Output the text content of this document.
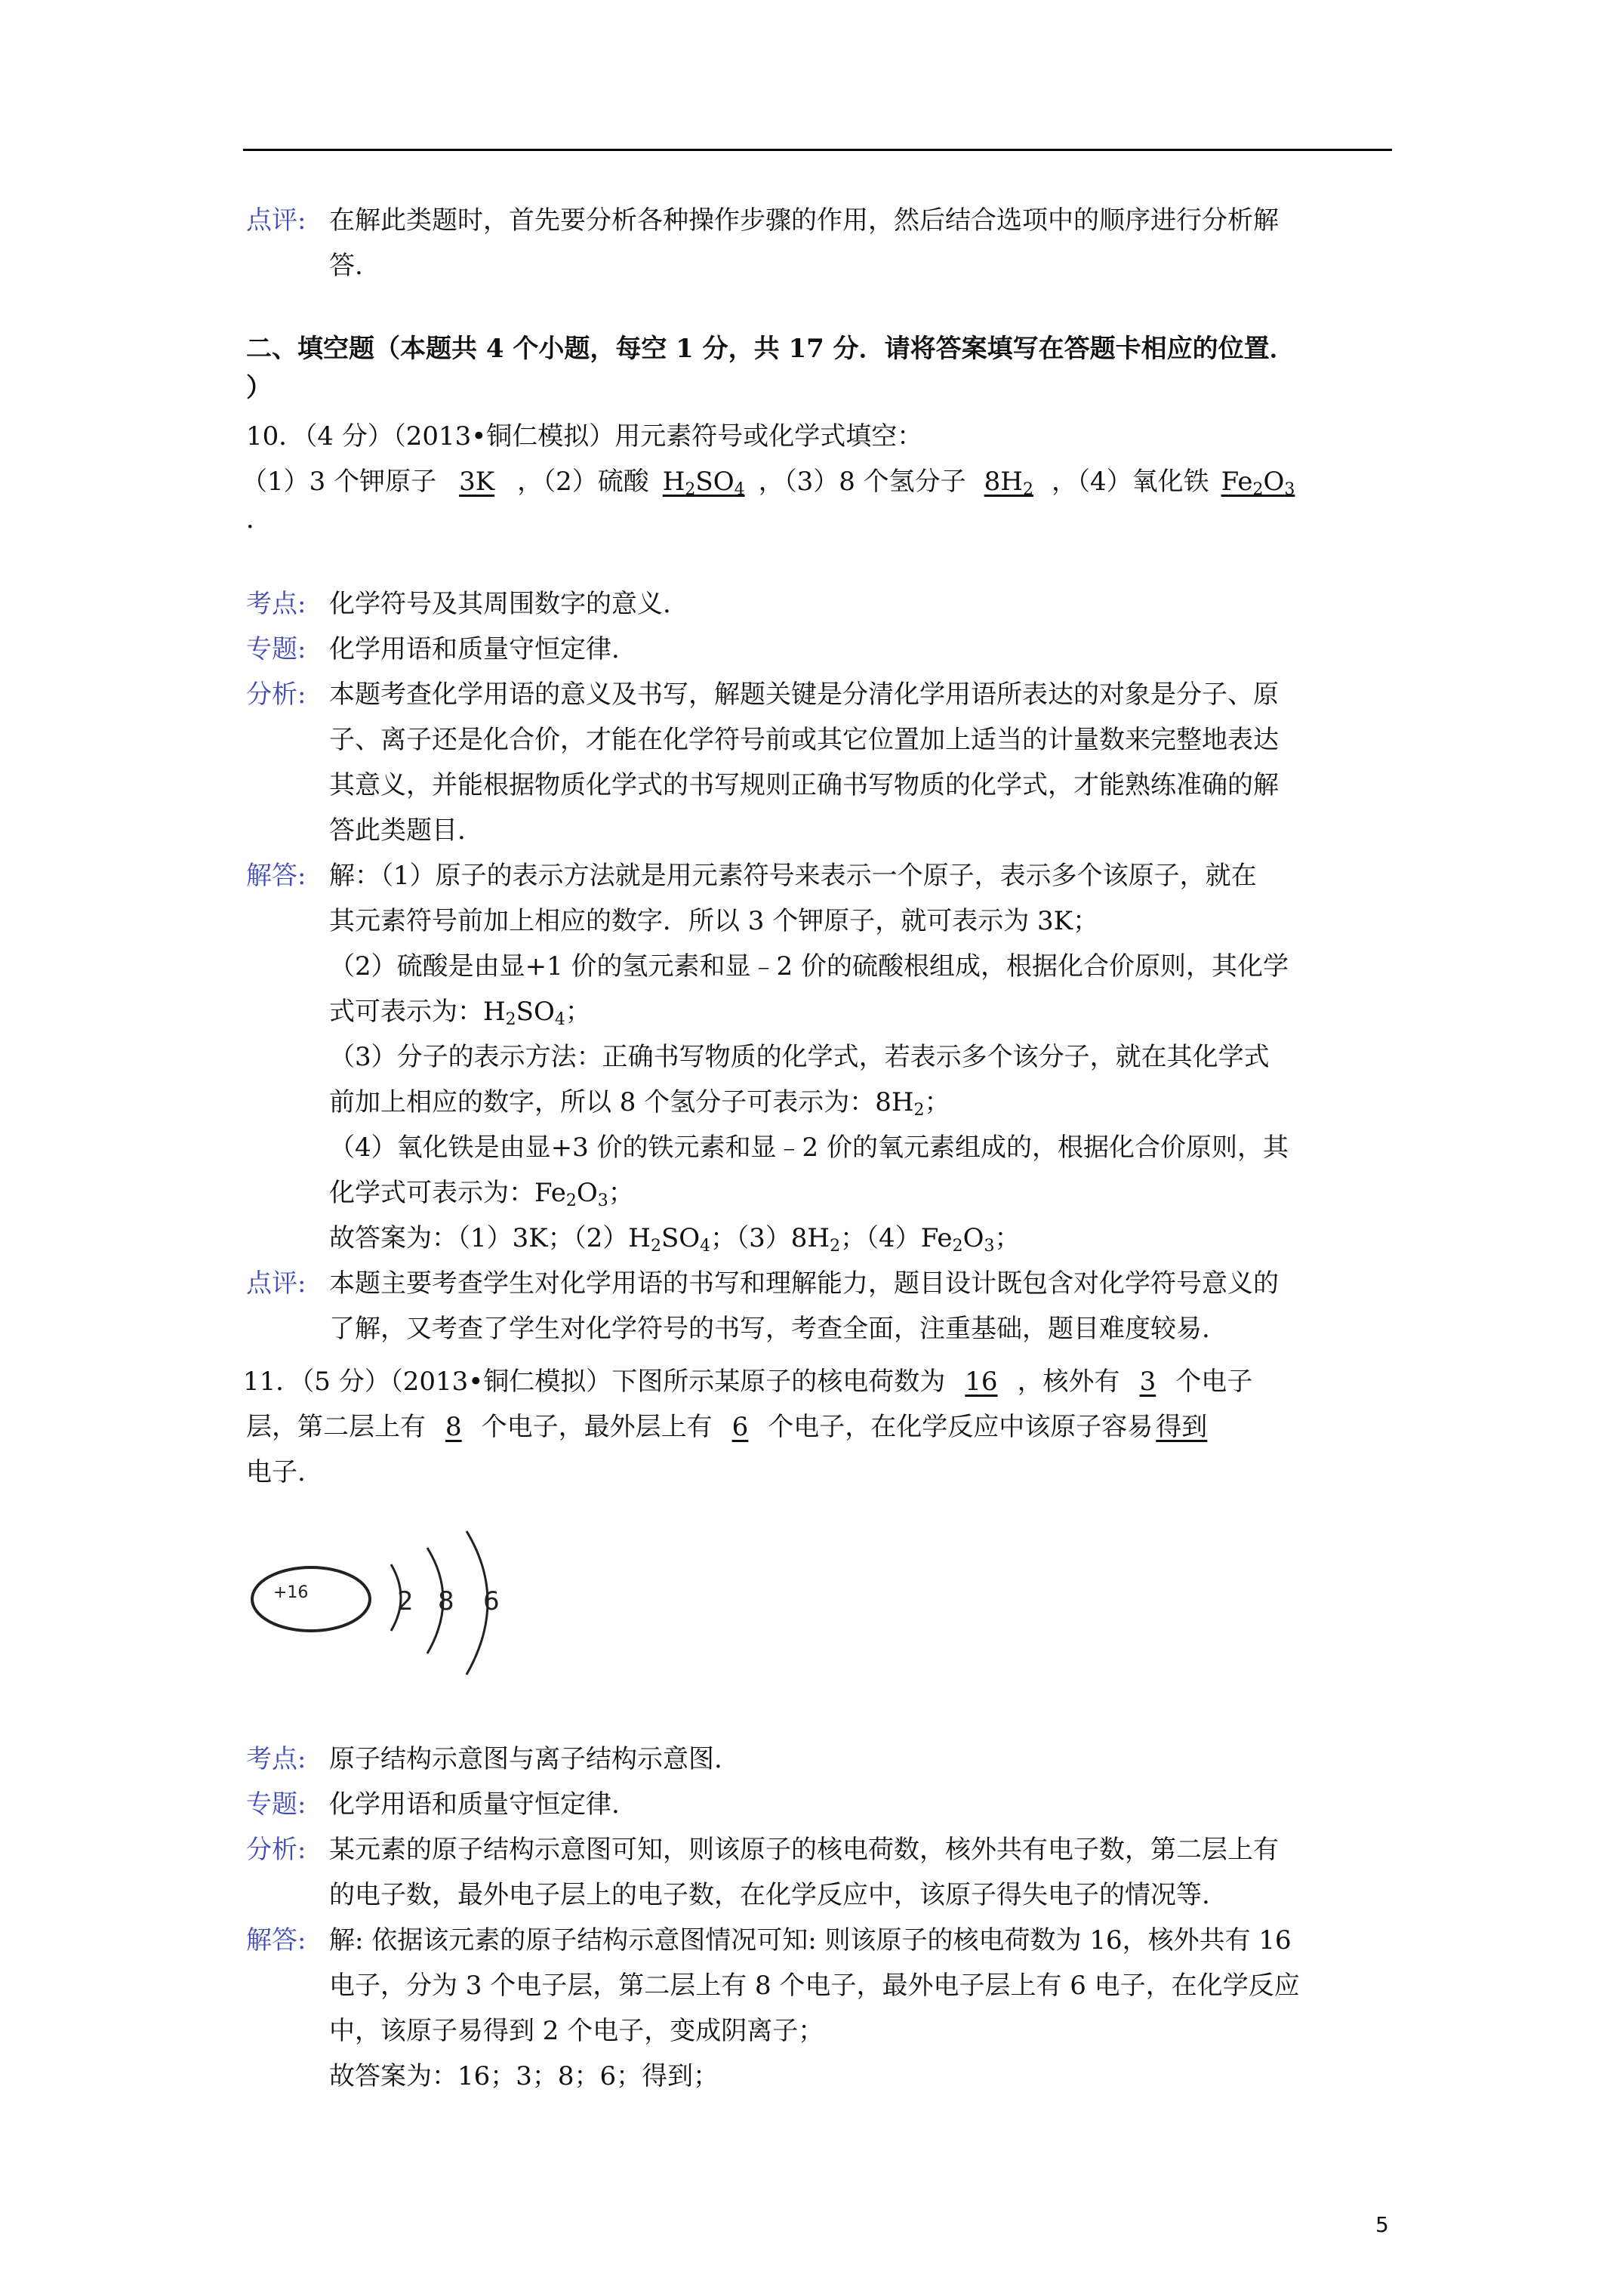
点评: 在解此类题时，首先要分析各种操作步骤的作用，然后结合选项中的顺序进行分析解

答.

二、填空题（本题共 4 个小题，每空 1 分，共 17 分．请将答案填写在答题卡相应的位置．

）

10．（4 分）（2013•铜仁模拟）用元素符号或化学式填空：

（1）3 个钾原子 3K ，（2）硫酸 $H_2SO_4$ ，（3）8 个氢分子 $8H_2$ ，（4）氧化铁 $Fe_2O_3$

．

考点: 化学符号及其周围数字的意义.

专题: 化学用语和质量守恒定律.

分析: 本题考查化学用语的意义及书写，解题关键是分清化学用语所表达的对象是分子、原

子、离子还是化合价，才能在化学符号前或其它位置加上适当的计量数来完整地表达

其意义，并能根据物质化学式的书写规则正确书写物质的化学式，才能熟练准确的解

答此类题目.

解答: 解：（1）原子的表示方法就是用元素符号来表示一个原子，表示多个该原子，就在

其元素符号前加上相应的数字．所以 3 个钾原子，就可表示为 3K；

（2）硫酸是由显+1 价的氢元素和显﹣2 价的硫酸根组成，根据化合价原则，其化学

式可表示为：$H_2SO_4$；

（3）分子的表示方法：正确书写物质的化学式，若表示多个该分子，就在其化学式

前加上相应的数字，所以 8 个氢分子可表示为：$8H_2$；

（4）氧化铁是由显+3 价的铁元素和显﹣2 价的氧元素组成的，根据化合价原则，其

化学式可表示为：$Fe_2O_3$；

故答案为：（1）3K；$(2)H_2SO_4$；$(3)8H_2$；$(4)Fe_2O_3$；

点评: 本题主要考查学生对化学用语的书写和理解能力，题目设计既包含对化学符号意义的

了解，又考查了学生对化学符号的书写，考查全面，注重基础，题目难度较易.

11．（5 分）（2013•铜仁模拟）下图所示某原子的核电荷数为 16 ，核外有 3 个电子

层，第二层上有 8 个电子，最外层上有 6 个电子，在化学反应中该原子容易 得到

电子.

+16	2 8 6
考点: 原子结构示意图与离子结构示意图.

专题: 化学用语和质量守恒定律.

分析: 某元素的原子结构示意图可知，则该原子的核电荷数，核外共有电子数，第二层上有

的电子数，最外电子层上的电子数，在化学反应中，该原子得失电子的情况等.

解答: 解: 依据该元素的原子结构示意图情况可知: 则该原子的核电荷数为 16，核外共有 16

电子，分为 3 个电子层，第二层上有 8 个电子，最外电子层上有 6 电子，在化学反应

中，该原子易得到 2 个电子，变成阴离子；

故答案为：16；3；8；6；得到；

5
